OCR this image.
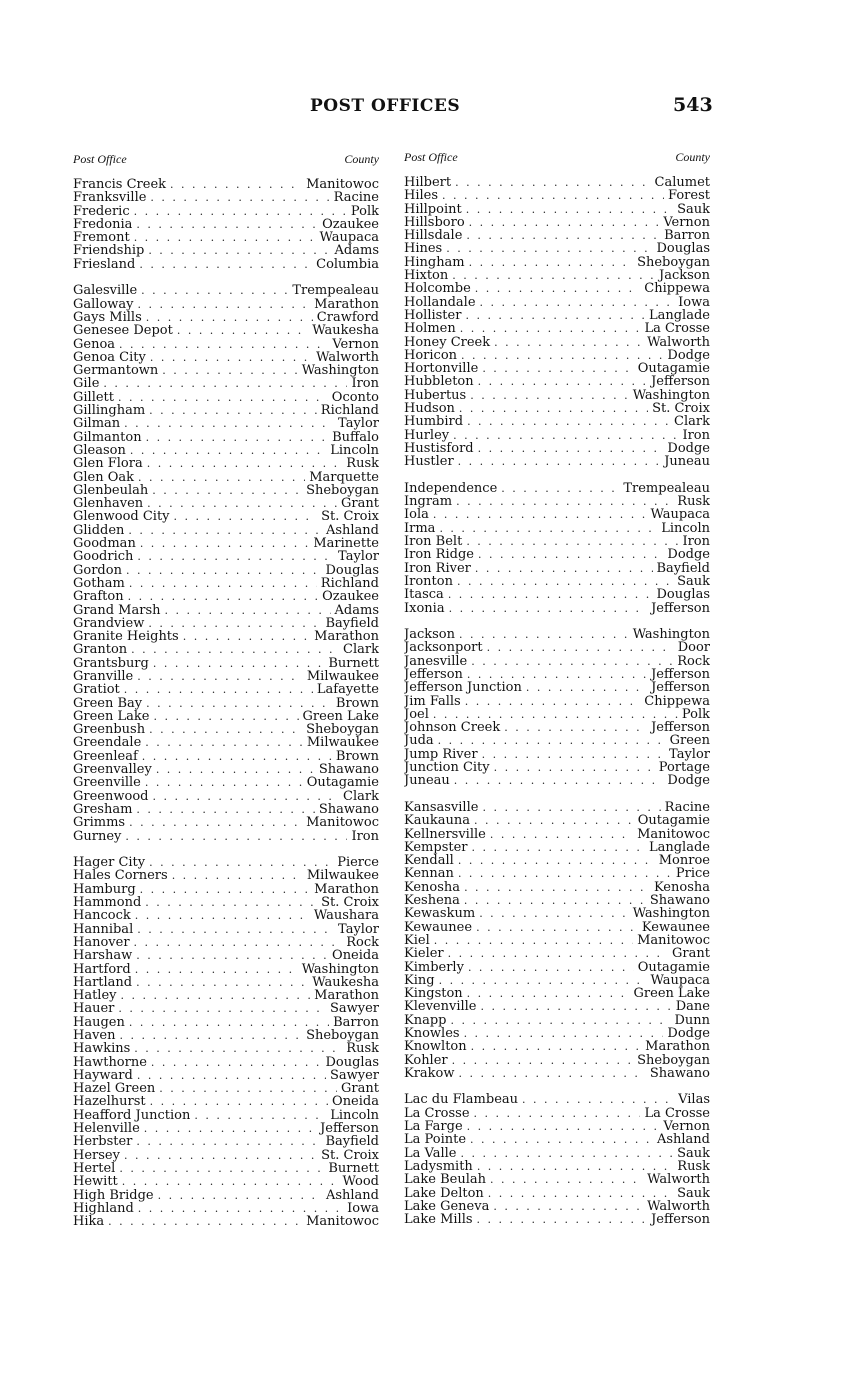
POST OFFICES	543
Post Office	County
Francis Creek . . .	Manitowoc
Franksville . . .	Racine
Frederic . . .	Polk
Fredonia . . .	Ozaukee
Fremont . . .	Waupaca
Friendship . . .	Adams
Friesland . . .	Columbia
Galesville . . .	Trempealeau
Galloway . . .	Marathon
Gays Mills . . .	Crawford
Genesee Depot . . .	Waukesha
Genoa . . .	Vernon
Genoa City . . .	Walworth
Germantown . . .	Washington
Gile . . .	Iron
Gillett . . .	Oconto
Gillingham . . .	Richland
Gilman . . .	Taylor
Gilmanton . . .	Buffalo
Gleason . . .	Lincoln
Glen Flora . . .	Rusk
Glen Oak . . .	Marquette
Glenbeulah . . .	Sheboygan
Glenhaven . . .	Grant
Glenwood City . . .	St. Croix
Glidden . . .	Ashland
Goodman . . .	Marinette
Goodrich . . .	Taylor
Gordon . . .	Douglas
Gotham . . .	Richland
Grafton . . .	Ozaukee
Grand Marsh . . .	Adams
Grandview . . .	Bayfield
Granite Heights . . .	Marathon
Granton . . .	Clark
Grantsburg . . .	Burnett
Granville . . .	Milwaukee
Gratiot . . .	Lafayette
Green Bay . . .	Brown
Green Lake . . .	Green Lake
Greenbush . . .	Sheboygan
Greendale . . .	Milwaukee
Greenleaf . . .	Brown
Greenvalley . . .	Shawano
Greenville . . .	Outagamie
Greenwood . . .	Clark
Gresham . . .	Shawano
Grimms . . .	Manitowoc
Gurney . . .	Iron
Hager City . . .	Pierce
Hales Corners . . .	Milwaukee
Hamburg . . .	Marathon
Hammond . . .	St. Croix
Hancock . . .	Waushara
Hannibal . . .	Taylor
Hanover . . .	Rock
Harshaw . . .	Oneida
Hartford . . .	Washington
Hartland . . .	Waukesha
Hatley . . .	Marathon
Hauer . . .	Sawyer
Haugen . . .	Barron
Haven . . .	Sheboygan
Hawkins . . .	Rusk
Hawthorne . . .	Douglas
Hayward . . .	Sawyer
Hazel Green . . .	Grant
Hazelhurst . . .	Oneida
Heafford Junction . . .	Lincoln
Helenville . . .	Jefferson
Herbster . . .	Bayfield
Hersey . . .	St. Croix
Hertel . . .	Burnett
Hewitt . . .	Wood
High Bridge . . .	Ashland
Highland . . .	Iowa
Hika . . .	Manitowoc
Post Office	County
Hilbert . . .	Calumet
Hiles . . .	Forest
Hillpoint . . .	Sauk
Hillsboro . . .	Vernon
Hillsdale . . .	Barron
Hines . . .	Douglas
Hingham . . .	Sheboygan
Hixton . . .	Jackson
Holcombe . . .	Chippewa
Hollandale . . .	Iowa
Hollister . . .	Langlade
Holmen . . .	La Crosse
Honey Creek . . .	Walworth
Horicon . . .	Dodge
Hortonville . . .	Outagamie
Hubbleton . . .	Jefferson
Hubertus . . .	Washington
Hudson . . .	St. Croix
Humbird . . .	Clark
Hurley . . .	Iron
Hustisford . . .	Dodge
Hustler . . .	Juneau
Independence . . .	Trempealeau
Ingram . . .	Rusk
Iola . . .	Waupaca
Irma . . .	Lincoln
Iron Belt . . .	Iron
Iron Ridge . . .	Dodge
Iron River . . .	Bayfield
Ironton . . .	Sauk
Itasca . . .	Douglas
Ixonia . . .	Jefferson
Jackson . . .	Washington
Jacksonport . . .	Door
Janesville . . .	Rock
Jefferson . . .	Jefferson
Jefferson Junction . . .	Jefferson
Jim Falls . . .	Chippewa
Joel . . .	Polk
Johnson Creek . . .	Jefferson
Juda . . .	Green
Jump River . . .	Taylor
Junction City . . .	Portage
Juneau . . .	Dodge
Kansasville . . .	Racine
Kaukauna . . .	Outagamie
Kellnersville . . .	Manitowoc
Kempster . . .	Langlade
Kendall . . .	Monroe
Kennan . . .	Price
Kenosha . . .	Kenosha
Keshena . . .	Shawano
Kewaskum . . .	Washington
Kewaunee . . .	Kewaunee
Kiel . . .	Manitowoc
Kieler . . .	Grant
Kimberly . . .	Outagamie
King . . .	Waupaca
Kingston . . .	Green Lake
Klevenville . . .	Dane
Knapp . . .	Dunn
Knowles . . .	Dodge
Knowlton . . .	Marathon
Kohler . . .	Sheboygan
Krakow . . .	Shawano
Lac du Flambeau . . .	Vilas
La Crosse . . .	La Crosse
La Farge . . .	Vernon
La Pointe . . .	Ashland
La Valle . . .	Sauk
Ladysmith . . .	Rusk
Lake Beulah . . .	Walworth
Lake Delton . . .	Sauk
Lake Geneva . . .	Walworth
Lake Mills . . .	Jefferson
